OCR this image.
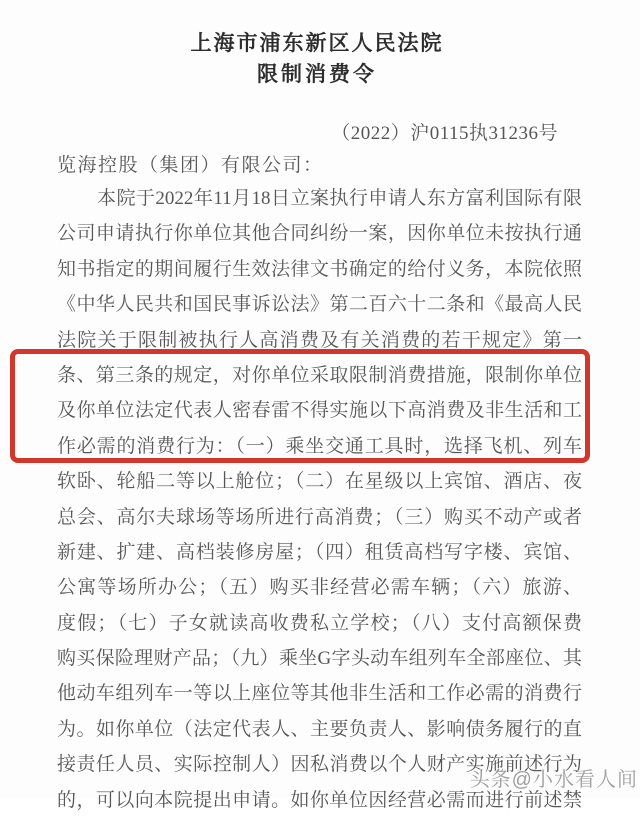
上海市浦东新区人民法院
限制消费令
（2022）沪0115执31236号
览海控股（集团）有限公司：
本院于2022年11月18日立案执行申请人东方富利国际有限
公司申请执行你单位其他合同纠纷一案，因你单位未按执行通
知书指定的期间履行生效法律文书确定的给付义务，本院依照
《中华人民共和国民事诉讼法》第二百六十二条和《最高人民
法院关于限制被执行人高消费及有关消费的若干规定》第一
条、第三条的规定，对你单位采取限制消费措施，限制你单位
及你单位法定代表人密春雷不得实施以下高消费及非生活和工
作必需的消费行为：（一）乘坐交通工具时，选择飞机、列车
软卧、轮船二等以上舱位；（二）在星级以上宾馆、酒店、夜
总会、高尔夫球场等场所进行高消费；（三）购买不动产或者
新建、扩建、高档装修房屋；（四）租赁高档写字楼、宾馆、
公寓等场所办公；（五）购买非经营必需车辆；（六）旅游、
度假；（七）子女就读高收费私立学校；（八）支付高额保费
购买保险理财产品；（九）乘坐G字头动车组列车全部座位、其
他动车组列车一等以上座位等其他非生活和工作必需的消费行
为。如你单位（法定代表人、主要负责人、影响债务履行的直
接责任人员、实际控制人）因私消费以个人财产实施前述行为
的，可以向本院提出申请。如你单位因经营必需而进行前述禁
头条@小水看人间
